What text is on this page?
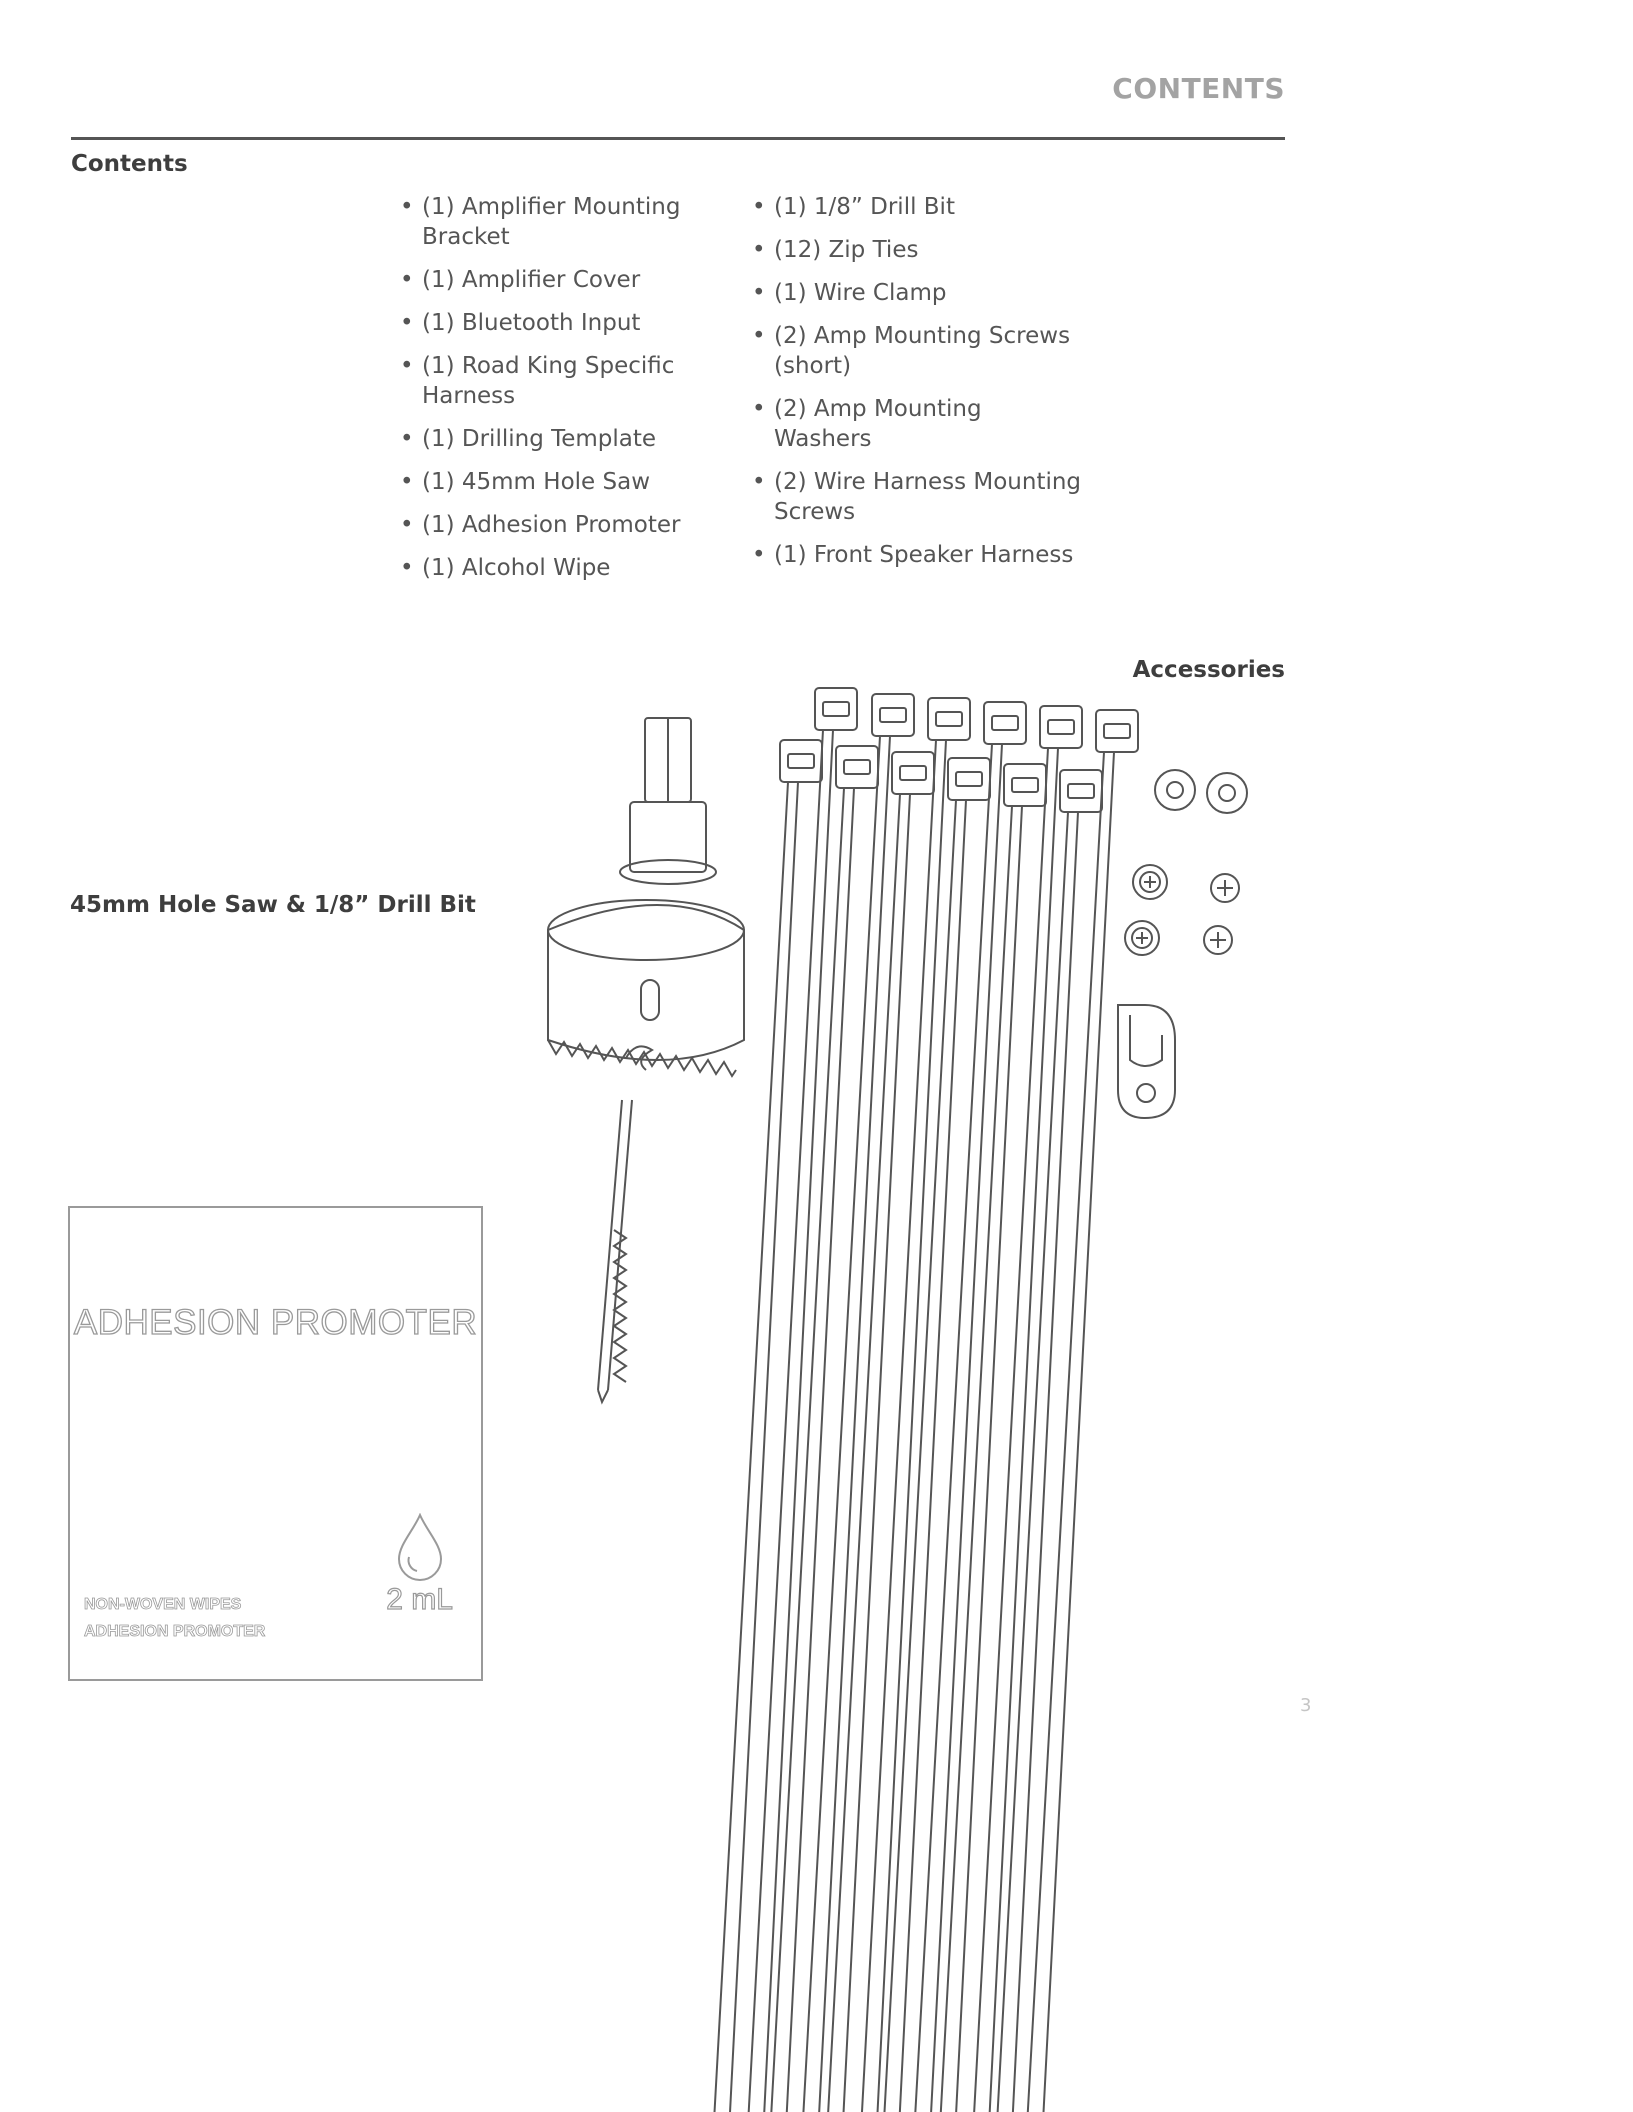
CONTENTS
Contents
• (1) Amplifier Mounting Bracket
• (1) Amplifier Cover
• (1) Bluetooth Input
• (1) Road King Specific Harness
• (1) Drilling Template
• (1) 45mm Hole Saw
• (1) Adhesion Promoter
• (1) Alcohol Wipe
• (1) 1/8” Drill Bit
• (12) Zip Ties
• (1) Wire Clamp
• (2) Amp Mounting Screws (short)
• (2) Amp Mounting Washers
• (2) Wire Harness Mounting Screws
• (1) Front Speaker Harness
Accessories
45mm Hole Saw & 1/8” Drill Bit
ADHESION PROMOTER
2 mL
NON-WOVEN WIPES
ADHESION PROMOTER
3
